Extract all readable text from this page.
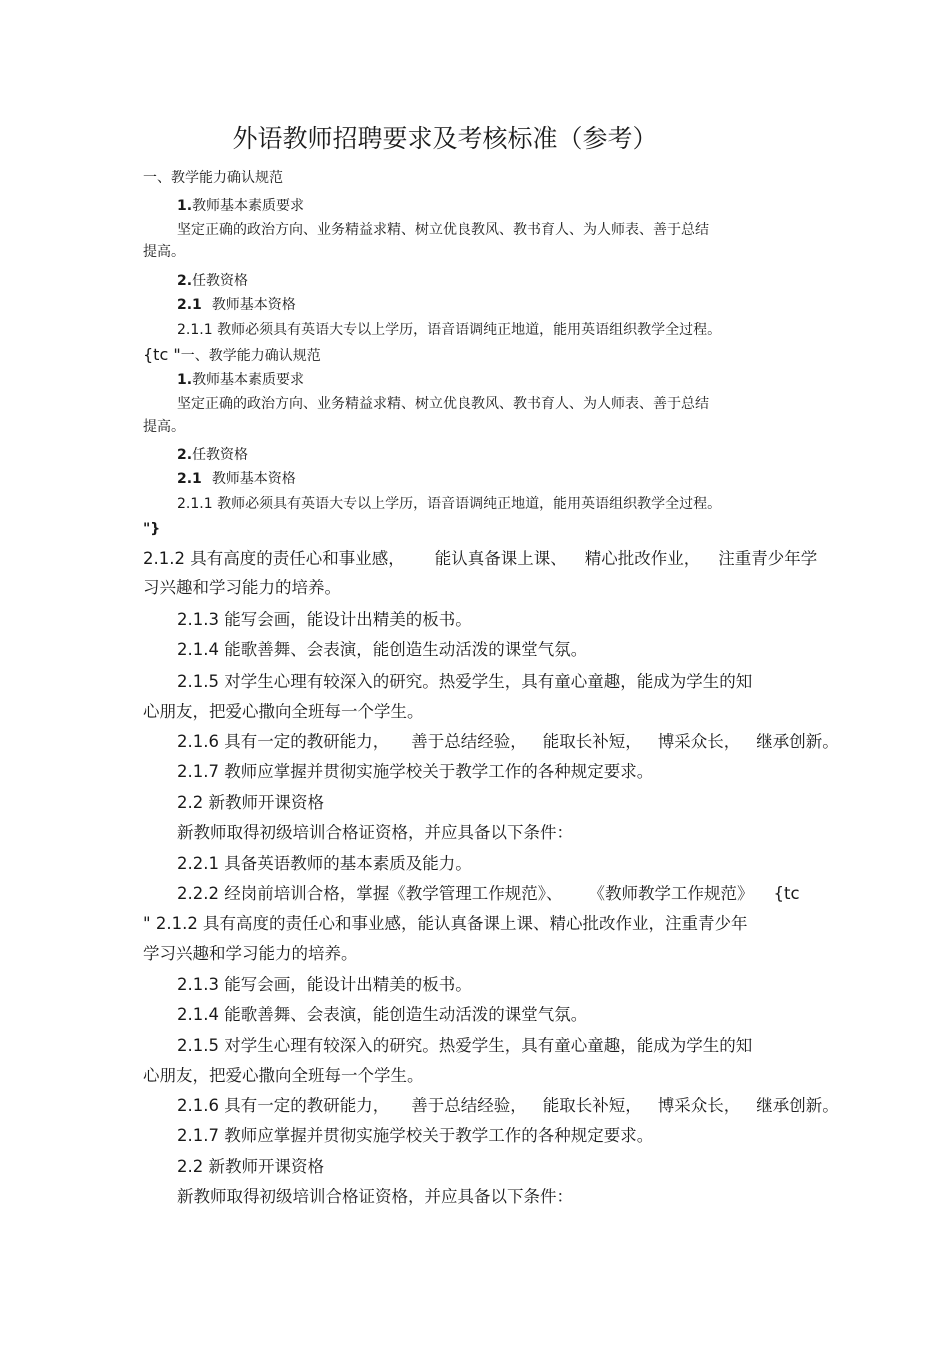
外语教师招聘要求及考核标准（参考）
一、教学能力确认规范
1.教师基本素质要求
坚定正确的政治方向、业务精益求精、树立优良教风、教书育人、为人师表、善于总结
提高。
2.任教资格
2.1 教师基本资格
2.1.1 教师必须具有英语大专以上学历，语音语调纯正地道，能用英语组织教学全过程。
{tc "一、教学能力确认规范
1.教师基本素质要求
坚定正确的政治方向、业务精益求精、树立优良教风、教书育人、为人师表、善于总结
提高。
2.任教资格
2.1 教师基本资格
2.1.1 教师必须具有英语大专以上学历，语音语调纯正地道，能用英语组织教学全过程。
"}
2.1.2 具有高度的责任心和事业感， 能认真备课上课、 精心批改作业， 注重青少年学
习兴趣和学习能力的培养。
2.1.3 能写会画，能设计出精美的板书。
2.1.4 能歌善舞、会表演，能创造生动活泼的课堂气氛。
2.1.5 对学生心理有较深入的研究。热爱学生，具有童心童趣，能成为学生的知
心朋友，把爱心撒向全班每一个学生。
2.1.6 具有一定的教研能力， 善于总结经验， 能取长补短， 博采众长， 继承创新。
2.1.7 教师应掌握并贯彻实施学校关于教学工作的各种规定要求。
2.2 新教师开课资格
新教师取得初级培训合格证资格，并应具备以下条件：
2.2.1 具备英语教师的基本素质及能力。
2.2.2 经岗前培训合格，掌握《教学管理工作规范》、 《教师教学工作规范》 {tc
" 2.1.2 具有高度的责任心和事业感，能认真备课上课、精心批改作业，注重青少年
学习兴趣和学习能力的培养。
2.1.3 能写会画，能设计出精美的板书。
2.1.4 能歌善舞、会表演，能创造生动活泼的课堂气氛。
2.1.5 对学生心理有较深入的研究。热爱学生，具有童心童趣，能成为学生的知
心朋友，把爱心撒向全班每一个学生。
2.1.6 具有一定的教研能力， 善于总结经验， 能取长补短， 博采众长， 继承创新。
2.1.7 教师应掌握并贯彻实施学校关于教学工作的各种规定要求。
2.2 新教师开课资格
新教师取得初级培训合格证资格，并应具备以下条件：
